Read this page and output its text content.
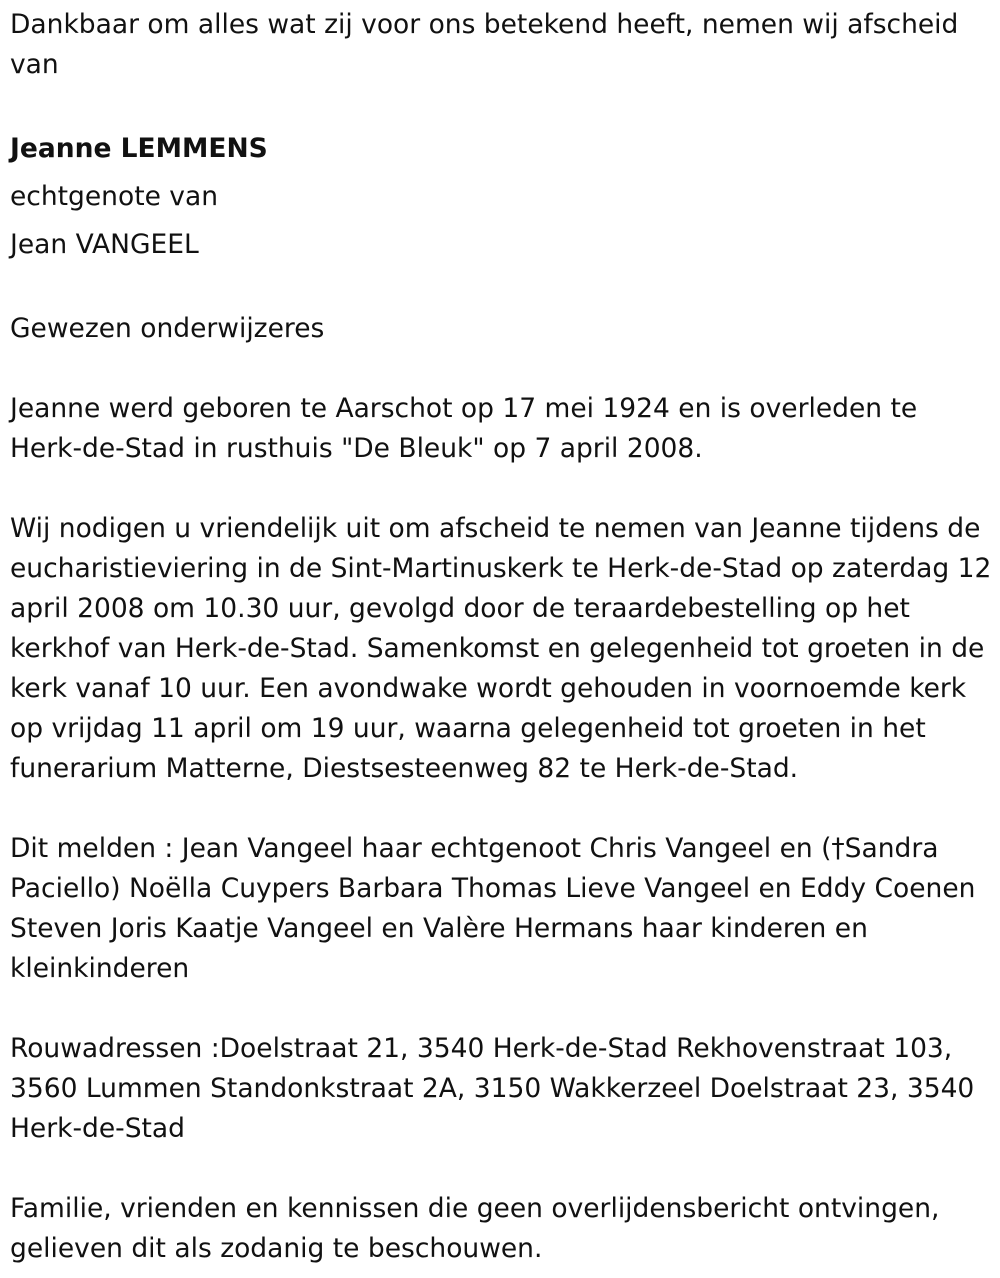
Dankbaar om alles wat zij voor ons betekend heeft, nemen wij afscheid van

Jeanne LEMMENS

echtgenote van

Jean VANGEEL

Gewezen onderwijzeres

Jeanne werd geboren te Aarschot op 17 mei 1924 en is overleden te Herk-de-Stad in rusthuis "De Bleuk" op 7 april 2008.

Wij nodigen u vriendelijk uit om afscheid te nemen van Jeanne tijdens de eucharistieviering in de Sint-Martinuskerk te Herk-de-Stad op zaterdag 12 april 2008 om 10.30 uur, gevolgd door de teraardebestelling op het kerkhof van Herk-de-Stad. Samenkomst en gelegenheid tot groeten in de kerk vanaf 10 uur. Een avondwake wordt gehouden in voornoemde kerk op vrijdag 11 april om 19 uur, waarna gelegenheid tot groeten in het funerarium Matterne, Diestsesteenweg 82 te Herk-de-Stad.

Dit melden : Jean Vangeel haar echtgenoot Chris Vangeel en (†Sandra Paciello) Noëlla Cuypers Barbara Thomas Lieve Vangeel en Eddy Coenen Steven Joris Kaatje Vangeel en Valère Hermans haar kinderen en kleinkinderen

Rouwadressen :Doelstraat 21, 3540 Herk-de-Stad Rekhovenstraat 103, 3560 Lummen Standonkstraat 2A, 3150 Wakkerzeel Doelstraat 23, 3540 Herk-de-Stad

Familie, vrienden en kennissen die geen overlijdensbericht ontvingen, gelieven dit als zodanig te beschouwen.
